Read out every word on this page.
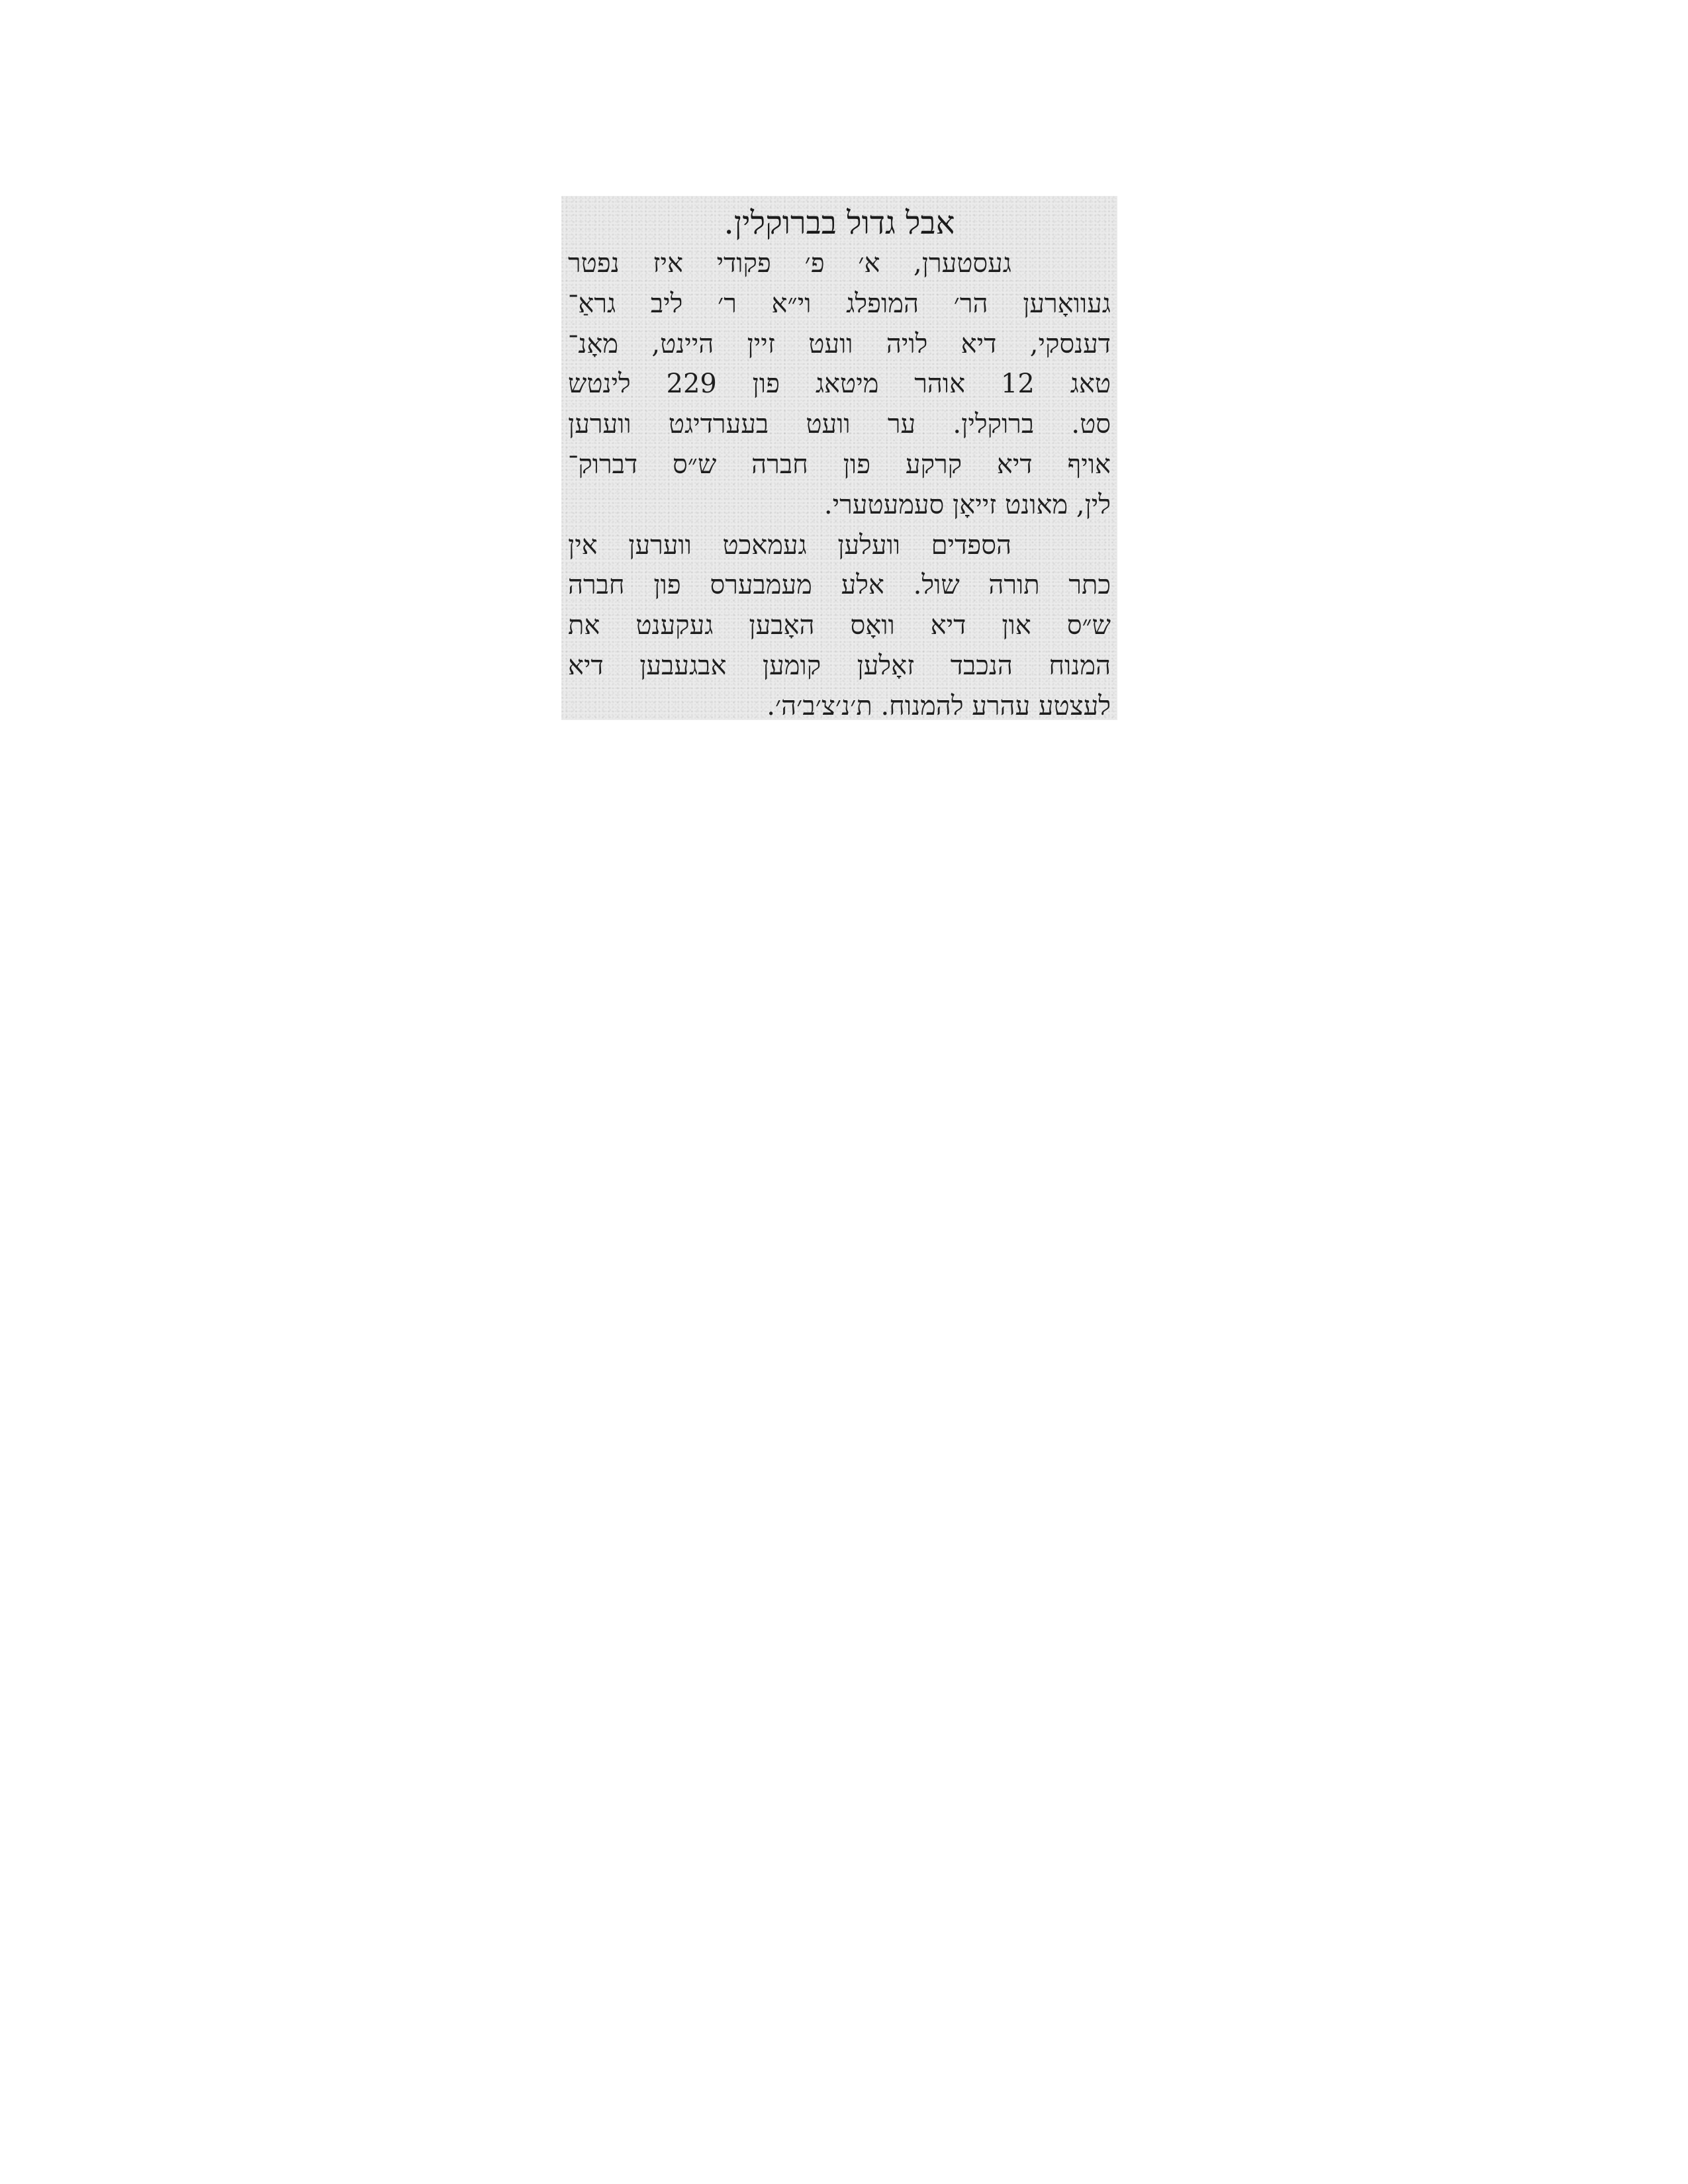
אבל גדול בברוקלין.
געסטערן, א׳ פ׳ פקודי איז נפטר
געוואָרען הר׳ המופלג וי״א ר׳ ליב גראַ־
דענסקי, דיא לויה וועט זיין היינט, מאָנ־
טאג 12 אוהר מיטאג פון 229 לינטש
סט. ברוקלין. ער וועט בעערדיגט ווערען
אויף דיא קרקע פון חברה ש״ס דברוק־
לין, מאונט זייאָן סעמעטערי.
הספדים וועלען געמאכט ווערען אין
כתר תורה שול. אלע מעמבערס פון חברה
ש״ס און דיא וואָס האָבען געקענט את
המנוח הנכבד זאָלען קומען אבגעבען דיא
לעצטע עהרע להמנוח. ת׳נ׳צ׳ב׳ה׳.
